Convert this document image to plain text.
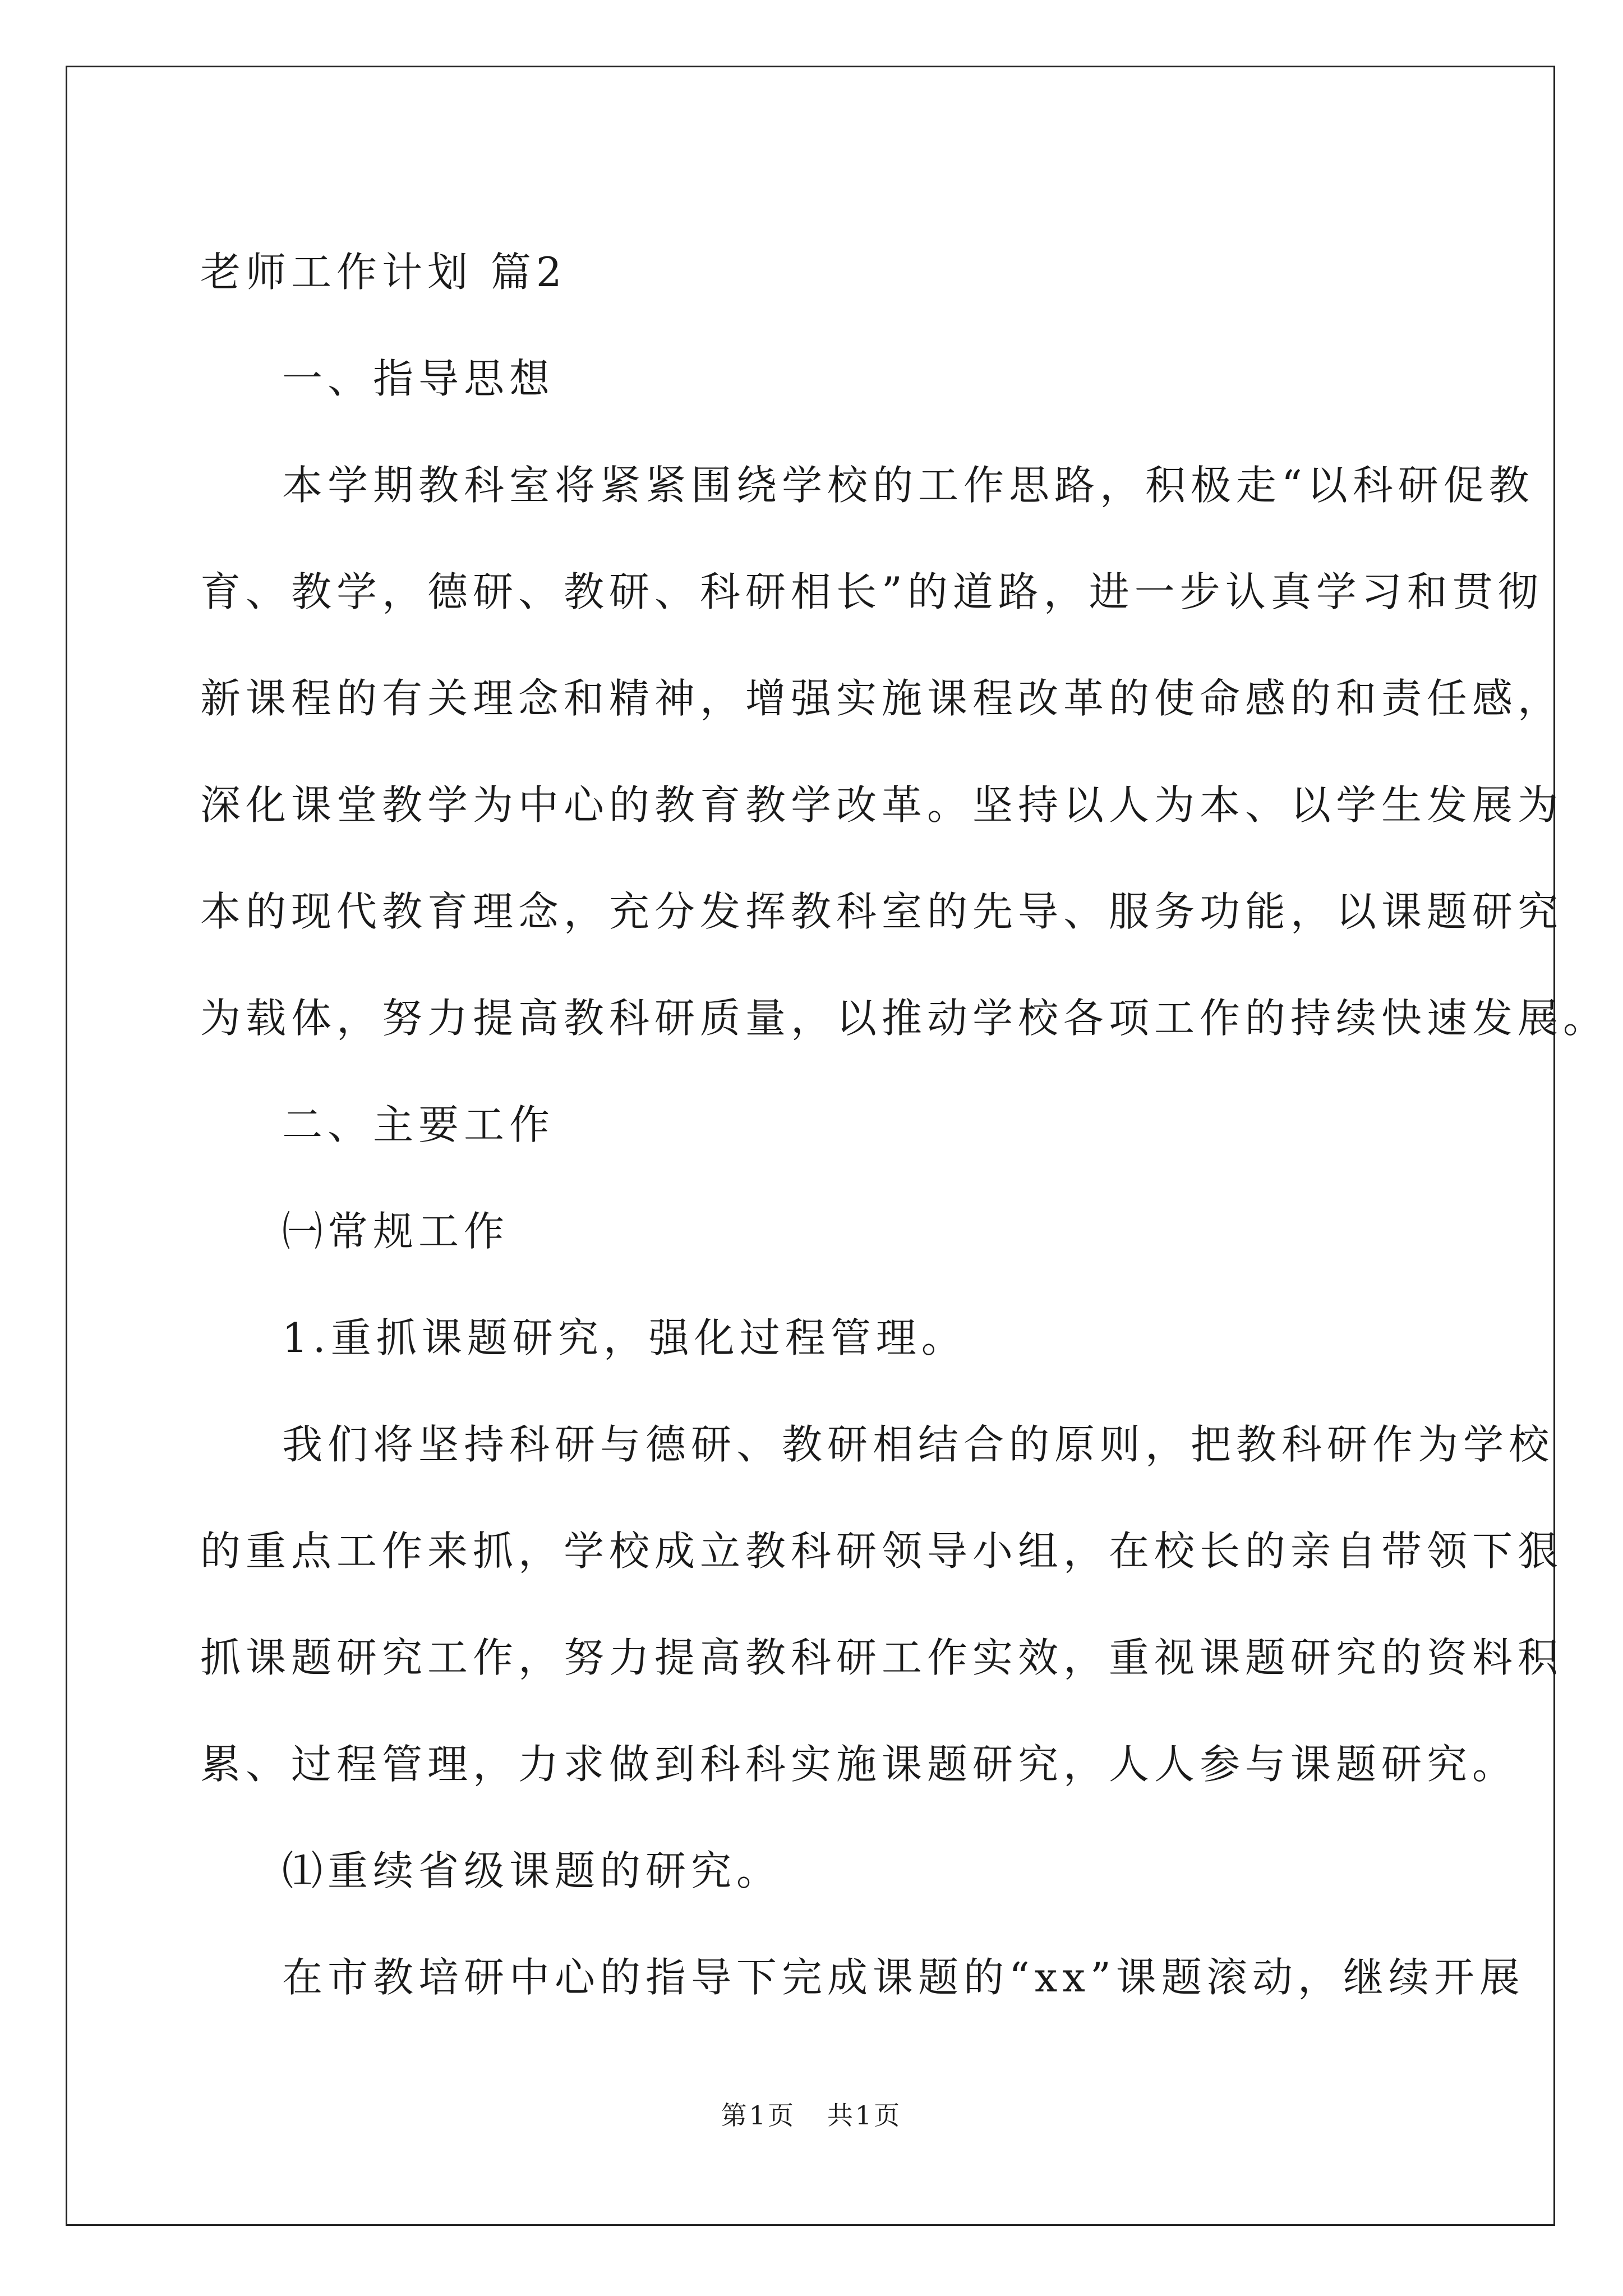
老师工作计划 篇2

一、指导思想

本学期教科室将紧紧围绕学校的工作思路，积极走“以科研促教

育、教学，德研、教研、科研相长”的道路，进一步认真学习和贯彻

新课程的有关理念和精神，增强实施课程改革的使命感的和责任感，

深化课堂教学为中心的教育教学改革。坚持以人为本、以学生发展为

本的现代教育理念，充分发挥教科室的先导、服务功能，以课题研究

为载体，努力提高教科研质量，以推动学校各项工作的持续快速发展。

二、主要工作

㈠常规工作

1.重抓课题研究，强化过程管理。

我们将坚持科研与德研、教研相结合的原则，把教科研作为学校

的重点工作来抓，学校成立教科研领导小组，在校长的亲自带领下狠

抓课题研究工作，努力提高教科研工作实效，重视课题研究的资料积

累、过程管理，力求做到科科实施课题研究，人人参与课题研究。

⑴重续省级课题的研究。

在市教培研中心的指导下完成课题的“xx”课题滚动，继续开展

第1页   共1页
